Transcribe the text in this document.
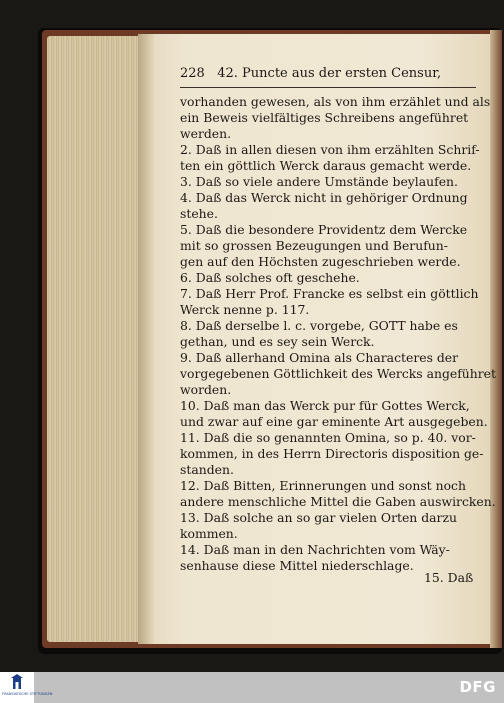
228 42. Puncte aus der ersten Censur,
vorhanden gewesen, als von ihm erzählet und als
ein Beweis vielfältiges Schreibens angeführet
werden.
2. Daß in allen diesen von ihm erzählten Schrif-
ten ein göttlich Werck daraus gemacht werde.
3. Daß so viele andere Umstände beylaufen.
4. Daß das Werck nicht in gehöriger Ordnung
stehe.
5. Daß die besondere Providentz dem Wercke
mit so grossen Bezeugungen und Berufun-
gen auf den Höchsten zugeschrieben werde.
6. Daß solches oft geschehe.
7. Daß Herr Prof. Francke es selbst ein göttlich
Werck nenne p. 117.
8. Daß derselbe l. c. vorgebe, GOTT habe es
gethan, und es sey sein Werck.
9. Daß allerhand Omina als Characteres der
vorgegebenen Göttlichkeit des Wercks angeführet
worden.
10. Daß man das Werck pur für Gottes Werck,
und zwar auf eine gar eminente Art ausgegeben.
11. Daß die so genannten Omina, so p. 40. vor-
kommen, in des Herrn Directoris disposition ge-
standen.
12. Daß Bitten, Erinnerungen und sonst noch
andere menschliche Mittel die Gaben auswircken.
13. Daß solche an so gar vielen Orten darzu
kommen.
14. Daß man in den Nachrichten vom Wäy-
senhause diese Mittel niederschlage.
15. Daß
FRANCKESCHE STIFTUNGEN	DFG
